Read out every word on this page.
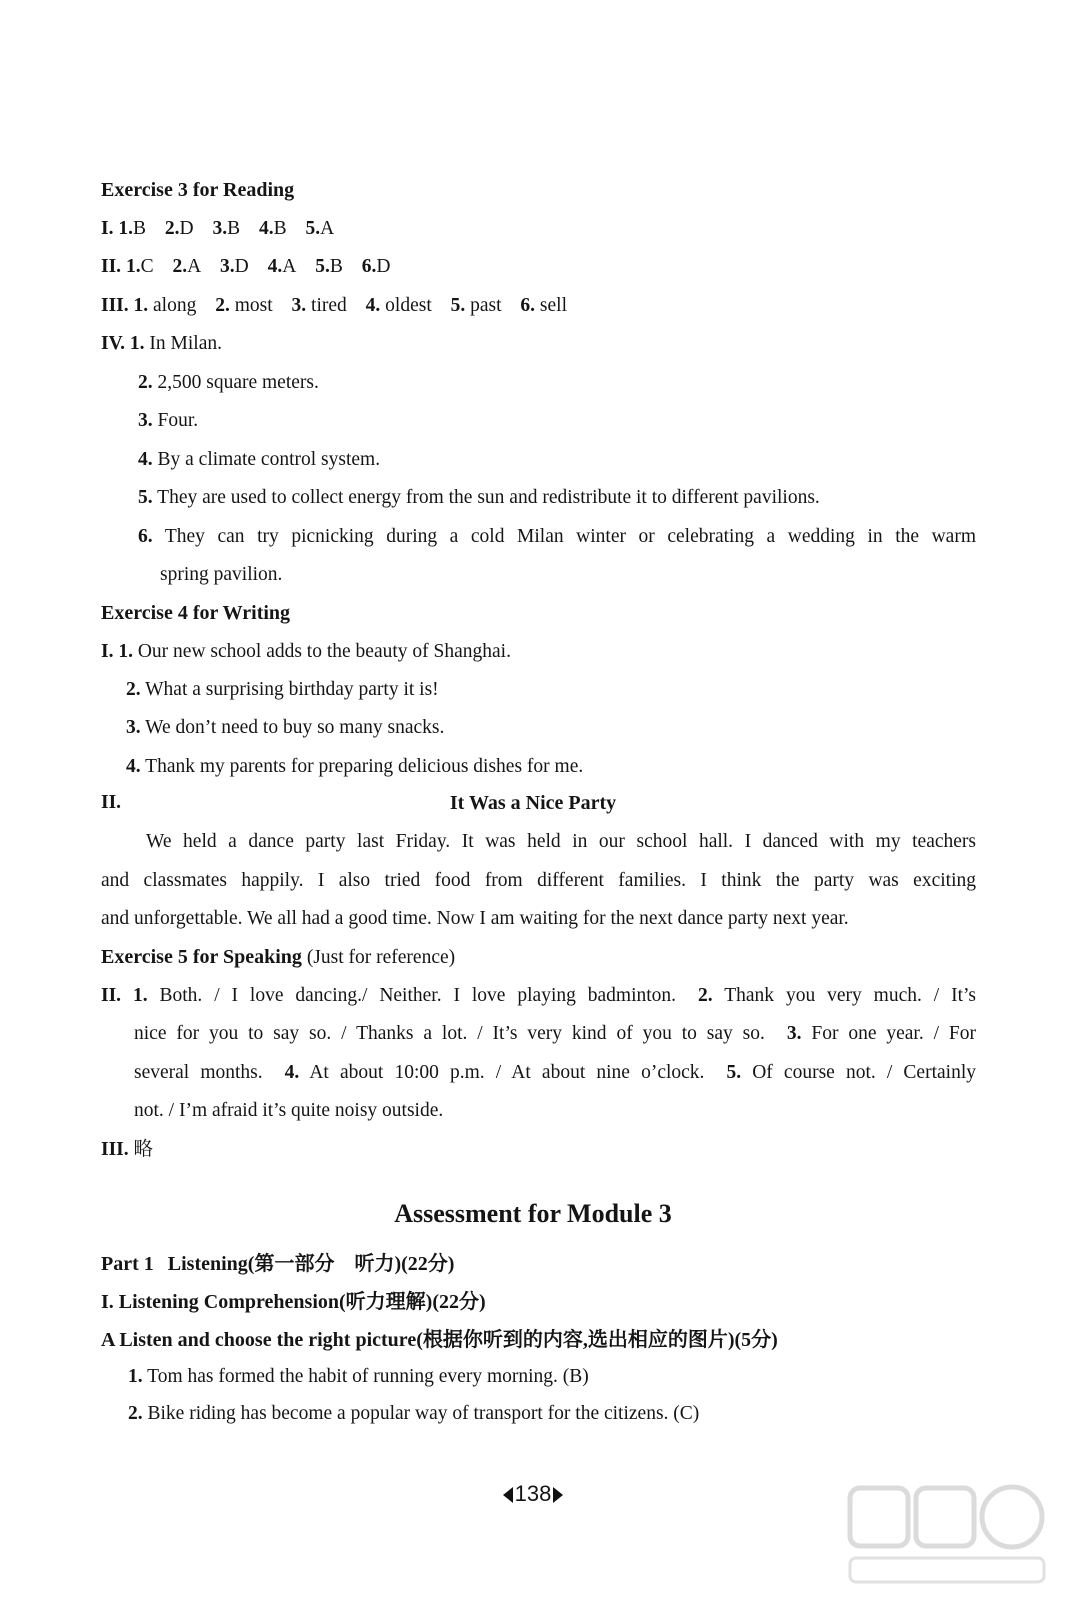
Exercise 3 for Reading
I. 1.B 2.D 3.B 4.B 5.A
II. 1.C 2.A 3.D 4.A 5.B 6.D
III. 1. along 2. most 3. tired 4. oldest 5. past 6. sell
IV. 1. In Milan.
2. 2,500 square meters.
3. Four.
4. By a climate control system.
5. They are used to collect energy from the sun and redistribute it to different pavilions.
6. They can try picnicking during a cold Milan winter or celebrating a wedding in the warm
spring pavilion.
Exercise 4 for Writing
I. 1. Our new school adds to the beauty of Shanghai.
2. What a surprising birthday party it is!
3. We don’t need to buy so many snacks.
4. Thank my parents for preparing delicious dishes for me.
II.	It Was a Nice Party
We held a dance party last Friday. It was held in our school hall. I danced with my teachers
and classmates happily. I also tried food from different families. I think the party was exciting
and unforgettable. We all had a good time. Now I am waiting for the next dance party next year.
Exercise 5 for Speaking (Just for reference)
II. 1. Both. / I love dancing./ Neither. I love playing badminton. 2. Thank you very much. / It’s
nice for you to say so. / Thanks a lot. / It’s very kind of you to say so. 3. For one year. / For
several months. 4. At about 10:00 p.m. / At about nine o’clock. 5. Of course not. / Certainly
not. / I’m afraid it’s quite noisy outside.
III. 略
Assessment for Module 3
Part 1 Listening(第一部分　听力)(22分)
I. Listening Comprehension(听力理解)(22分)
A Listen and choose the right picture(根据你听到的内容,选出相应的图片)(5分)
1. Tom has formed the habit of running every morning. (B)
2. Bike riding has become a popular way of transport for the citizens. (C)
138
